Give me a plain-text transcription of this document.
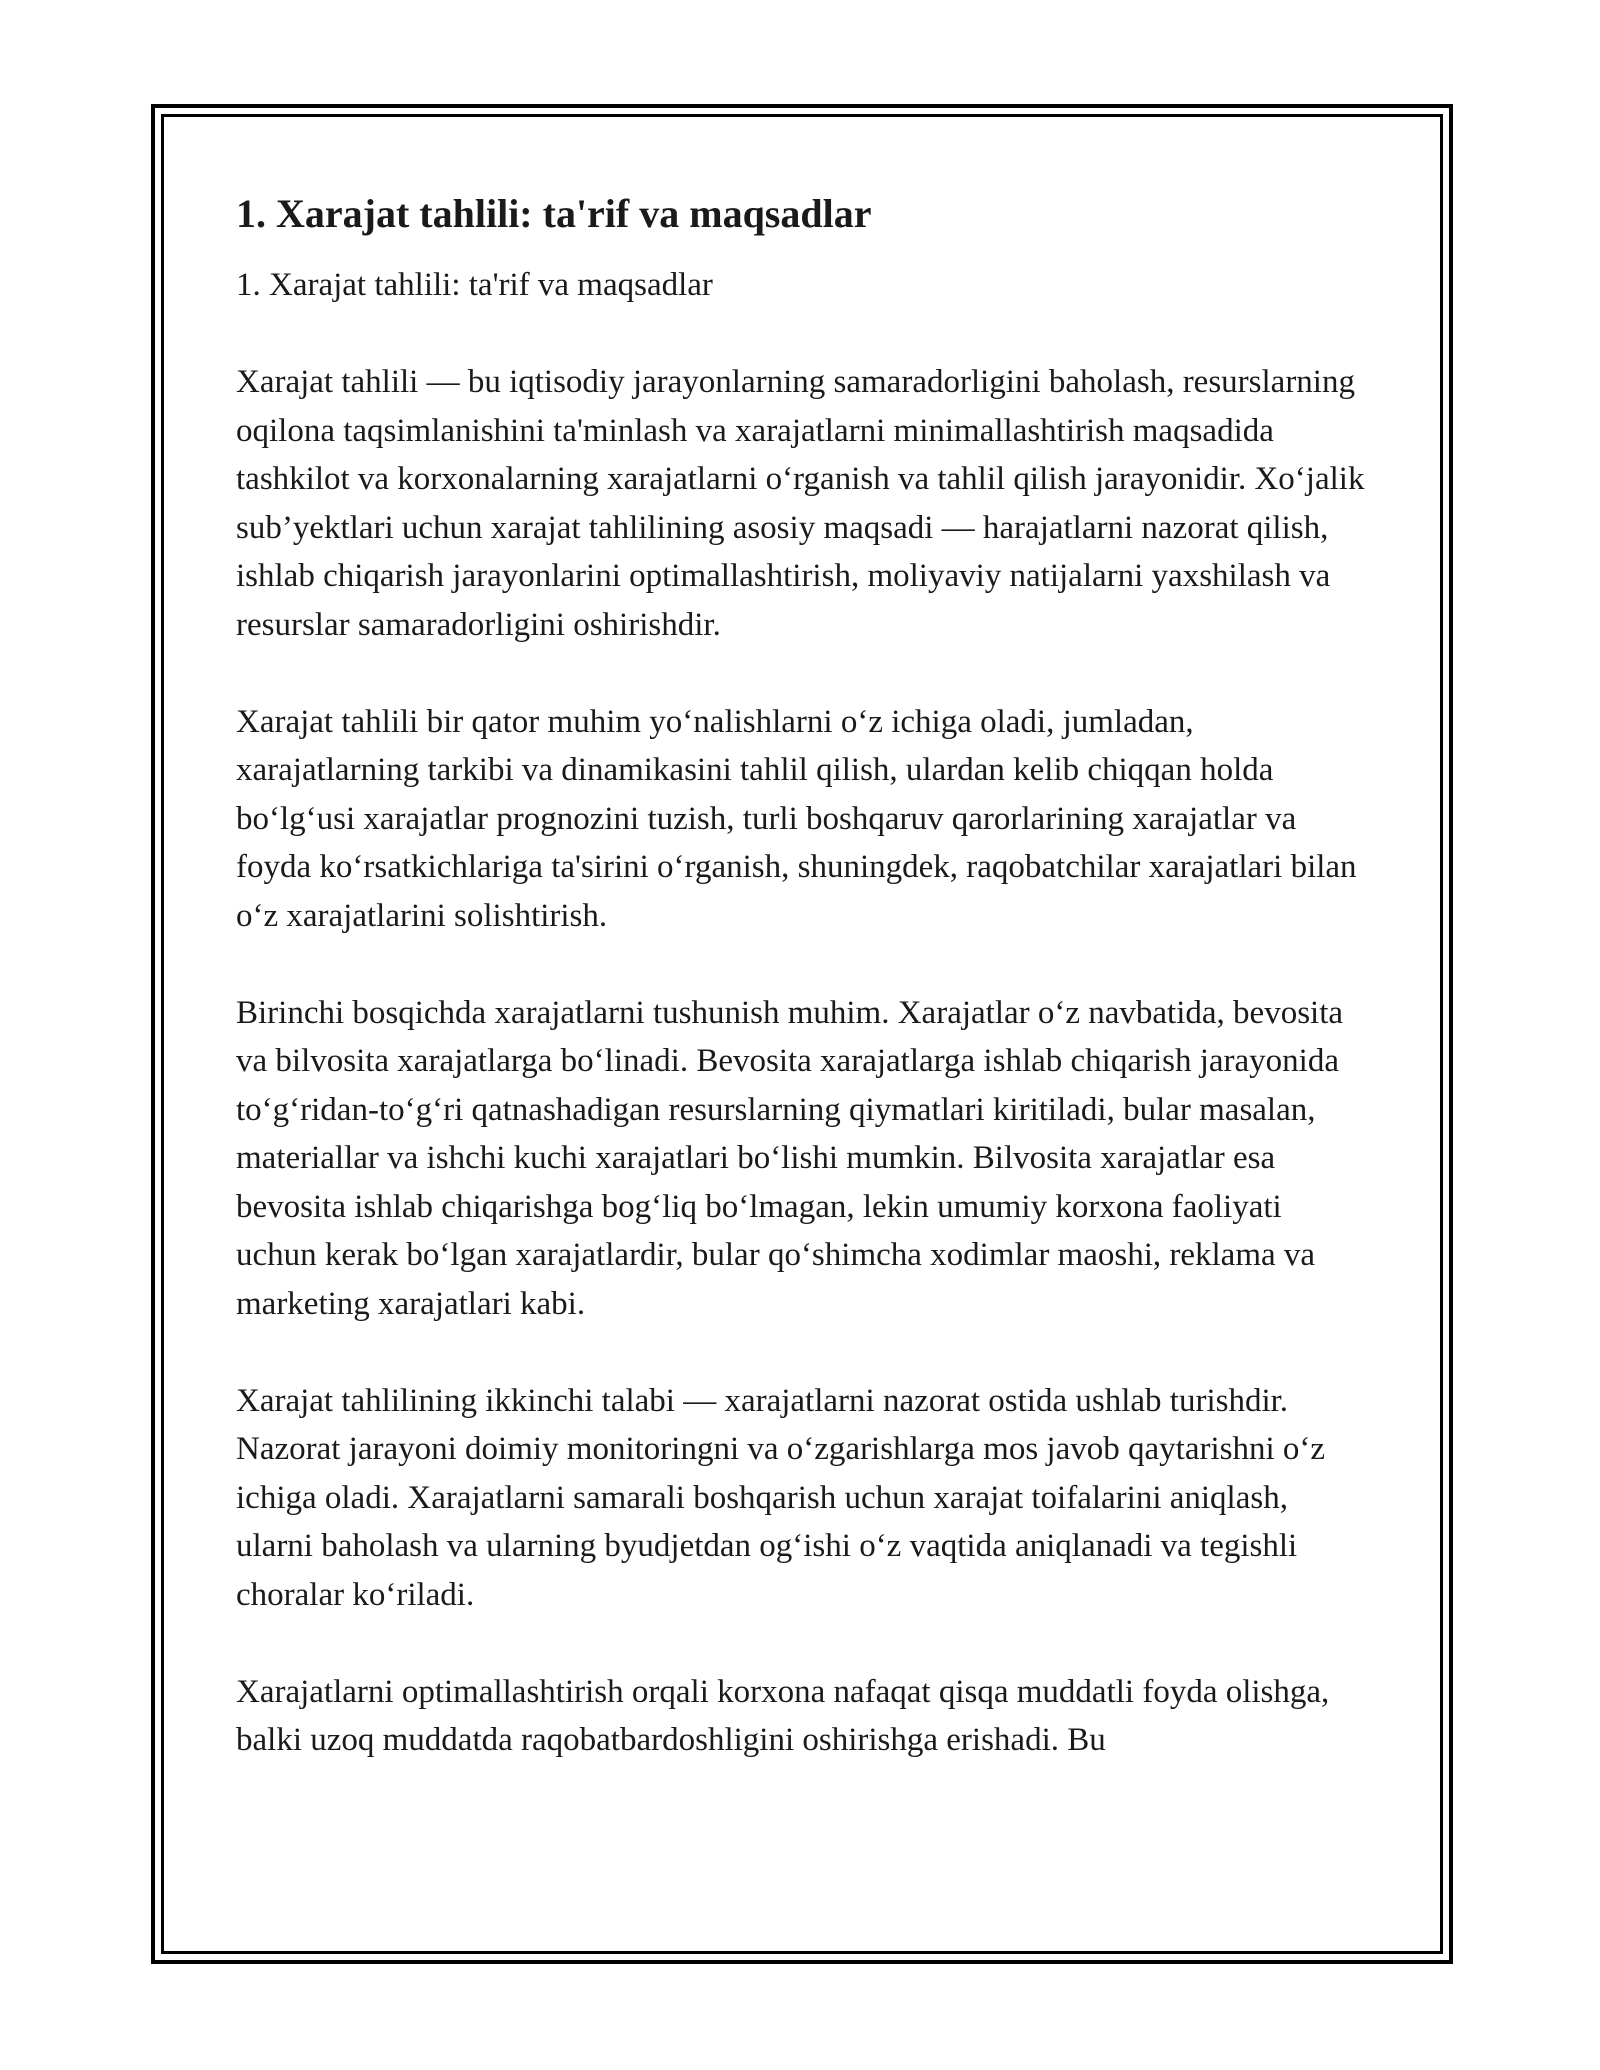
1. Xarajat tahlili: ta'rif va maqsadlar

1. Xarajat tahlili: ta'rif va maqsadlar

Xarajat tahlili — bu iqtisodiy jarayonlarning samaradorligini baholash, resurslarning oqilona taqsimlanishini ta'minlash va xarajatlarni minimallashtirish maqsadida tashkilot va korxonalarning xarajatlarni o‘rganish va tahlil qilish jarayonidir. Xo‘jalik sub’yektlari uchun xarajat tahlilining asosiy maqsadi — harajatlarni nazorat qilish, ishlab chiqarish jarayonlarini optimallashtirish, moliyaviy natijalarni yaxshilash va resurslar samaradorligini oshirishdir.

Xarajat tahlili bir qator muhim yo‘nalishlarni o‘z ichiga oladi, jumladan, xarajatlarning tarkibi va dinamikasini tahlil qilish, ulardan kelib chiqqan holda bo‘lg‘usi xarajatlar prognozini tuzish, turli boshqaruv qarorlarining xarajatlar va foyda ko‘rsatkichlariga ta'sirini o‘rganish, shuningdek, raqobatchilar xarajatlari bilan o‘z xarajatlarini solishtirish.

Birinchi bosqichda xarajatlarni tushunish muhim. Xarajatlar o‘z navbatida, bevosita va bilvosita xarajatlarga bo‘linadi. Bevosita xarajatlarga ishlab chiqarish jarayonida to‘g‘ridan-to‘g‘ri qatnashadigan resurslarning qiymatlari kiritiladi, bular masalan, materiallar va ishchi kuchi xarajatlari bo‘lishi mumkin. Bilvosita xarajatlar esa bevosita ishlab chiqarishga bog‘liq bo‘lmagan, lekin umumiy korxona faoliyati uchun kerak bo‘lgan xarajatlardir, bular qo‘shimcha xodimlar maoshi, reklama va marketing xarajatlari kabi.

Xarajat tahlilining ikkinchi talabi — xarajatlarni nazorat ostida ushlab turishdir. Nazorat jarayoni doimiy monitoringni va o‘zgarishlarga mos javob qaytarishni o‘z ichiga oladi. Xarajatlarni samarali boshqarish uchun xarajat toifalarini aniqlash, ularni baholash va ularning byudjetdan og‘ishi o‘z vaqtida aniqlanadi va tegishli choralar ko‘riladi.

Xarajatlarni optimallashtirish orqali korxona nafaqat qisqa muddatli foyda olishga, balki uzoq muddatda raqobatbardoshligini oshirishga erishadi. Bu
